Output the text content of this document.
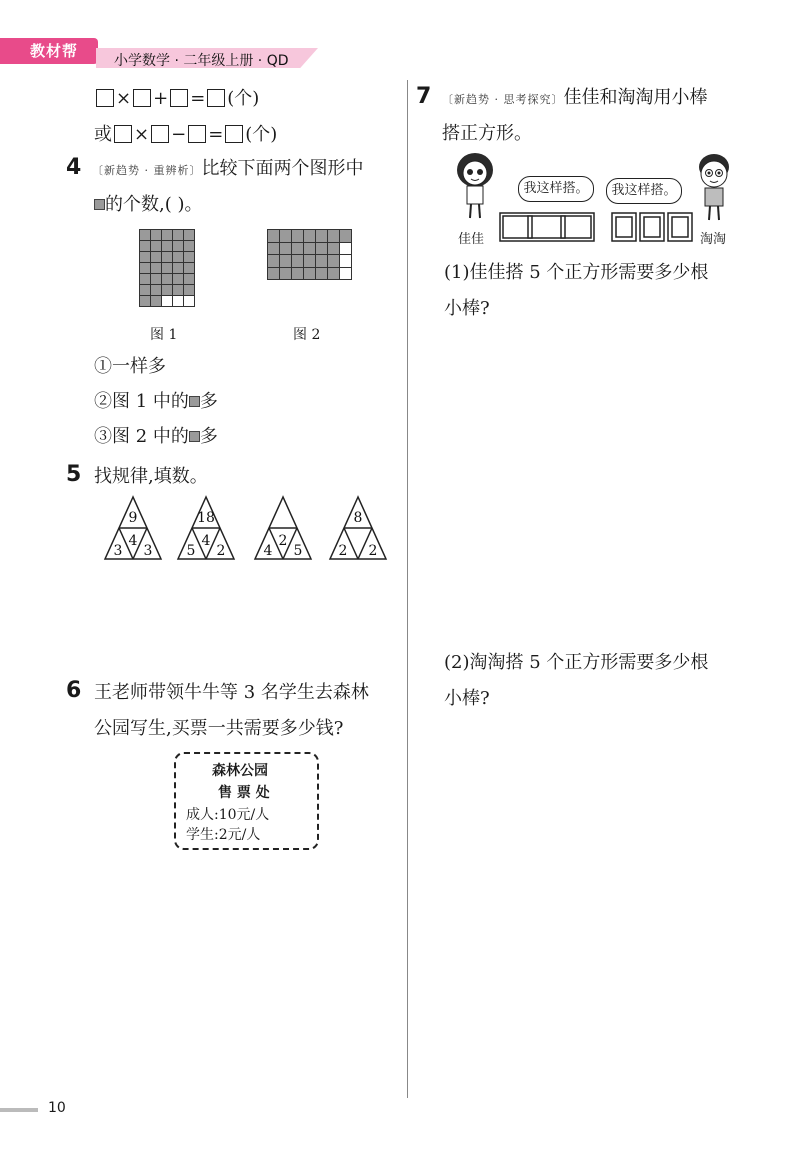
教材帮
小学数学 · 二年级上册 · QD
× + = (个)
或 × − = (个)
4 〔新趋势 · 重辨析〕比较下面两个图形中
的个数,( )。
图 1	图 2
①一样多
②图 1 中的 多
③图 2 中的 多
5 找规律,填数。
9
4
3 3
18
4
5 2
2
4 5
8
2 2
6 王老师带领牛牛等 3 名学生去森林
公园写生,买票一共需要多少钱?
森林公园
售 票 处
成人:10元/人
学生:2元/人
7 〔新趋势 · 思考探究〕佳佳和淘淘用小棒
搭正方形。
我这样搭。	我这样搭。
佳佳	淘淘
(1)佳佳搭 5 个正方形需要多少根
小棒?
(2)淘淘搭 5 个正方形需要多少根
小棒?
10
